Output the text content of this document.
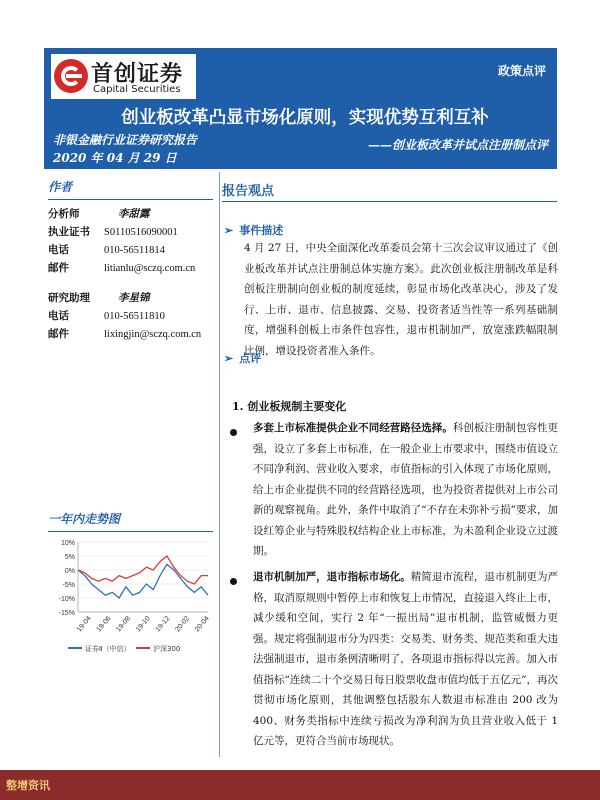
首创证券
Capital Securities
政策点评
创业板改革凸显市场化原则，实现优势互利互补
非银金融行业证券研究报告
2020 年 04 月 29 日
——创业板改革并试点注册制点评
作者
分析师	李甜露
执业证书 S0110516090001
电话	010-56511814
邮件	litianlu@sczq.com.cn
研究助理	李星锦
电话	010-56511810
邮件	lixingjin@sczq.com.cn
一年内走势图
10%
5%
0%
-5%
-10%
-15%
19-04 19-06 19-08 19-10 19-12 20-02 20-04
证券Ⅱ（中信）	沪深300
报告观点
➢ 事件描述
4 月 27 日，中央全面深化改革委员会第十三次会议审议通过了《创业板改革并试点注册制总体实施方案》。此次创业板注册制改革是科创板注册制向创业板的制度延续，彰显市场化改革决心，涉及了发行、上市、退市、信息披露、交易、投资者适当性等一系列基础制度，增强科创板上市条件包容性，退市机制加严，放宽涨跌幅限制比例，增设投资者准入条件。
➢ 点评
1. 创业板规制主要变化
多套上市标准提供企业不同经营路径选择。科创板注册制包容性更强，设立了多套上市标准，在一般企业上市要求中，围绕市值设立不同净利润、营业收入要求，市值指标的引入体现了市场化原则，给上市企业提供不同的经营路径选项，也为投资者提供对上市公司新的观察视角。此外，条件中取消了“不存在未弥补亏损”要求，加设红筹企业与特殊股权结构企业上市标准，为未盈利企业设立过渡期。
退市机制加严，退市指标市场化。精简退市流程，退市机制更为严格，取消原规则中暂停上市和恢复上市情况，直接退入终止上市，减少缓和空间，实行 2 年“一振出局”退市机制，监管威慑力更强。规定将强制退市分为四类：交易类、财务类、规范类和重大违法强制退市，退市条例清晰明了，各项退市指标得以完善。加入市值指标“连续二十个交易日每日股票收盘市值均低于五亿元”，再次贯彻市场化原则，其他调整包括股东人数退市标准由 200 改为 400、财务类指标中连续亏损改为净利润为负且营业收入低于 1 亿元等，更符合当前市场现状。
整增资讯
